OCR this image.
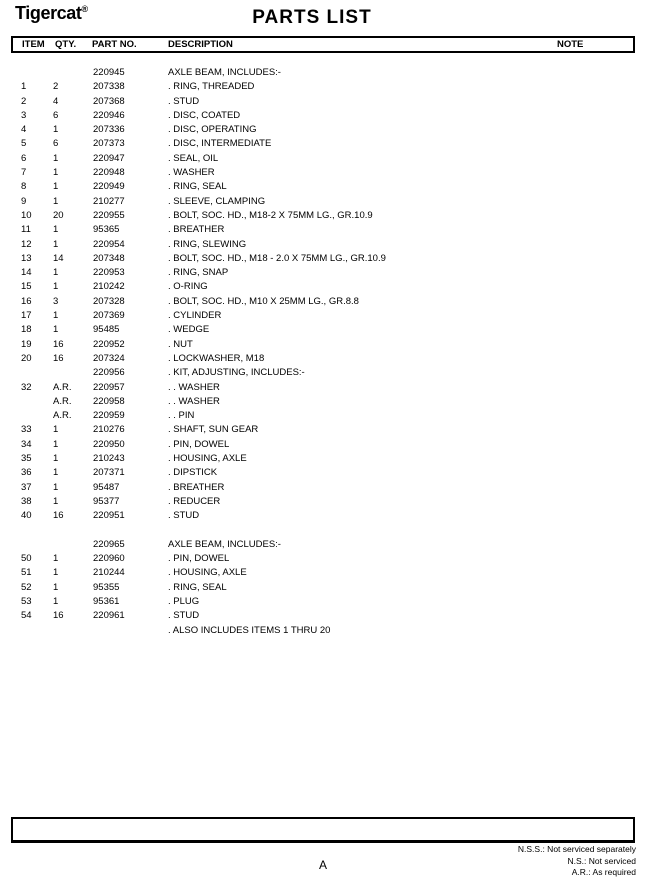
Tigercat®	PARTS LIST
ITEM QTY. PART NO.	DESCRIPTION	NOTE
220945	AXLE BEAM, INCLUDES:-
1	2	207338	. RING, THREADED
2	4	207368	. STUD
3	6	220946	. DISC, COATED
4	1	207336	. DISC, OPERATING
5	6	207373	. DISC, INTERMEDIATE
6	1	220947	. SEAL, OIL
7	1	220948	. WASHER
8	1	220949	. RING, SEAL
9	1	210277	. SLEEVE, CLAMPING
10 20	220955	. BOLT, SOC. HD., M18-2 X 75MM LG., GR.10.9
11 1	95365	. BREATHER
12 1	220954	. RING, SLEWING
13 14	207348	. BOLT, SOC. HD., M18 - 2.0 X 75MM LG., GR.10.9
14 1	220953	. RING, SNAP
15 1	210242	. O-RING
16 3	207328	. BOLT, SOC. HD., M10 X 25MM LG., GR.8.8
17 1	207369	. CYLINDER
18 1	95485	. WEDGE
19 16	220952	. NUT
20 16	207324	. LOCKWASHER, M18
220956	. KIT, ADJUSTING, INCLUDES:-
32 A.R. 220957	. . WASHER
A.R. 220958	. . WASHER
A.R. 220959	. . PIN
33 1	210276	. SHAFT, SUN GEAR
34 1	220950	. PIN, DOWEL
35 1	210243	. HOUSING, AXLE
36 1	207371	. DIPSTICK
37 1	95487	. BREATHER
38 1	95377	. REDUCER
40 16	220951	. STUD
220965	AXLE BEAM, INCLUDES:-
50 1	220960	. PIN, DOWEL
51 1	210244	. HOUSING, AXLE
52 1	95355	. RING, SEAL
53 1	95361	. PLUG
54 16	220961	. STUD
. ALSO INCLUDES ITEMS 1 THRU 20
N.S.S.: Not serviced separately
N.S.: Not serviced
A.R.: As required
A
